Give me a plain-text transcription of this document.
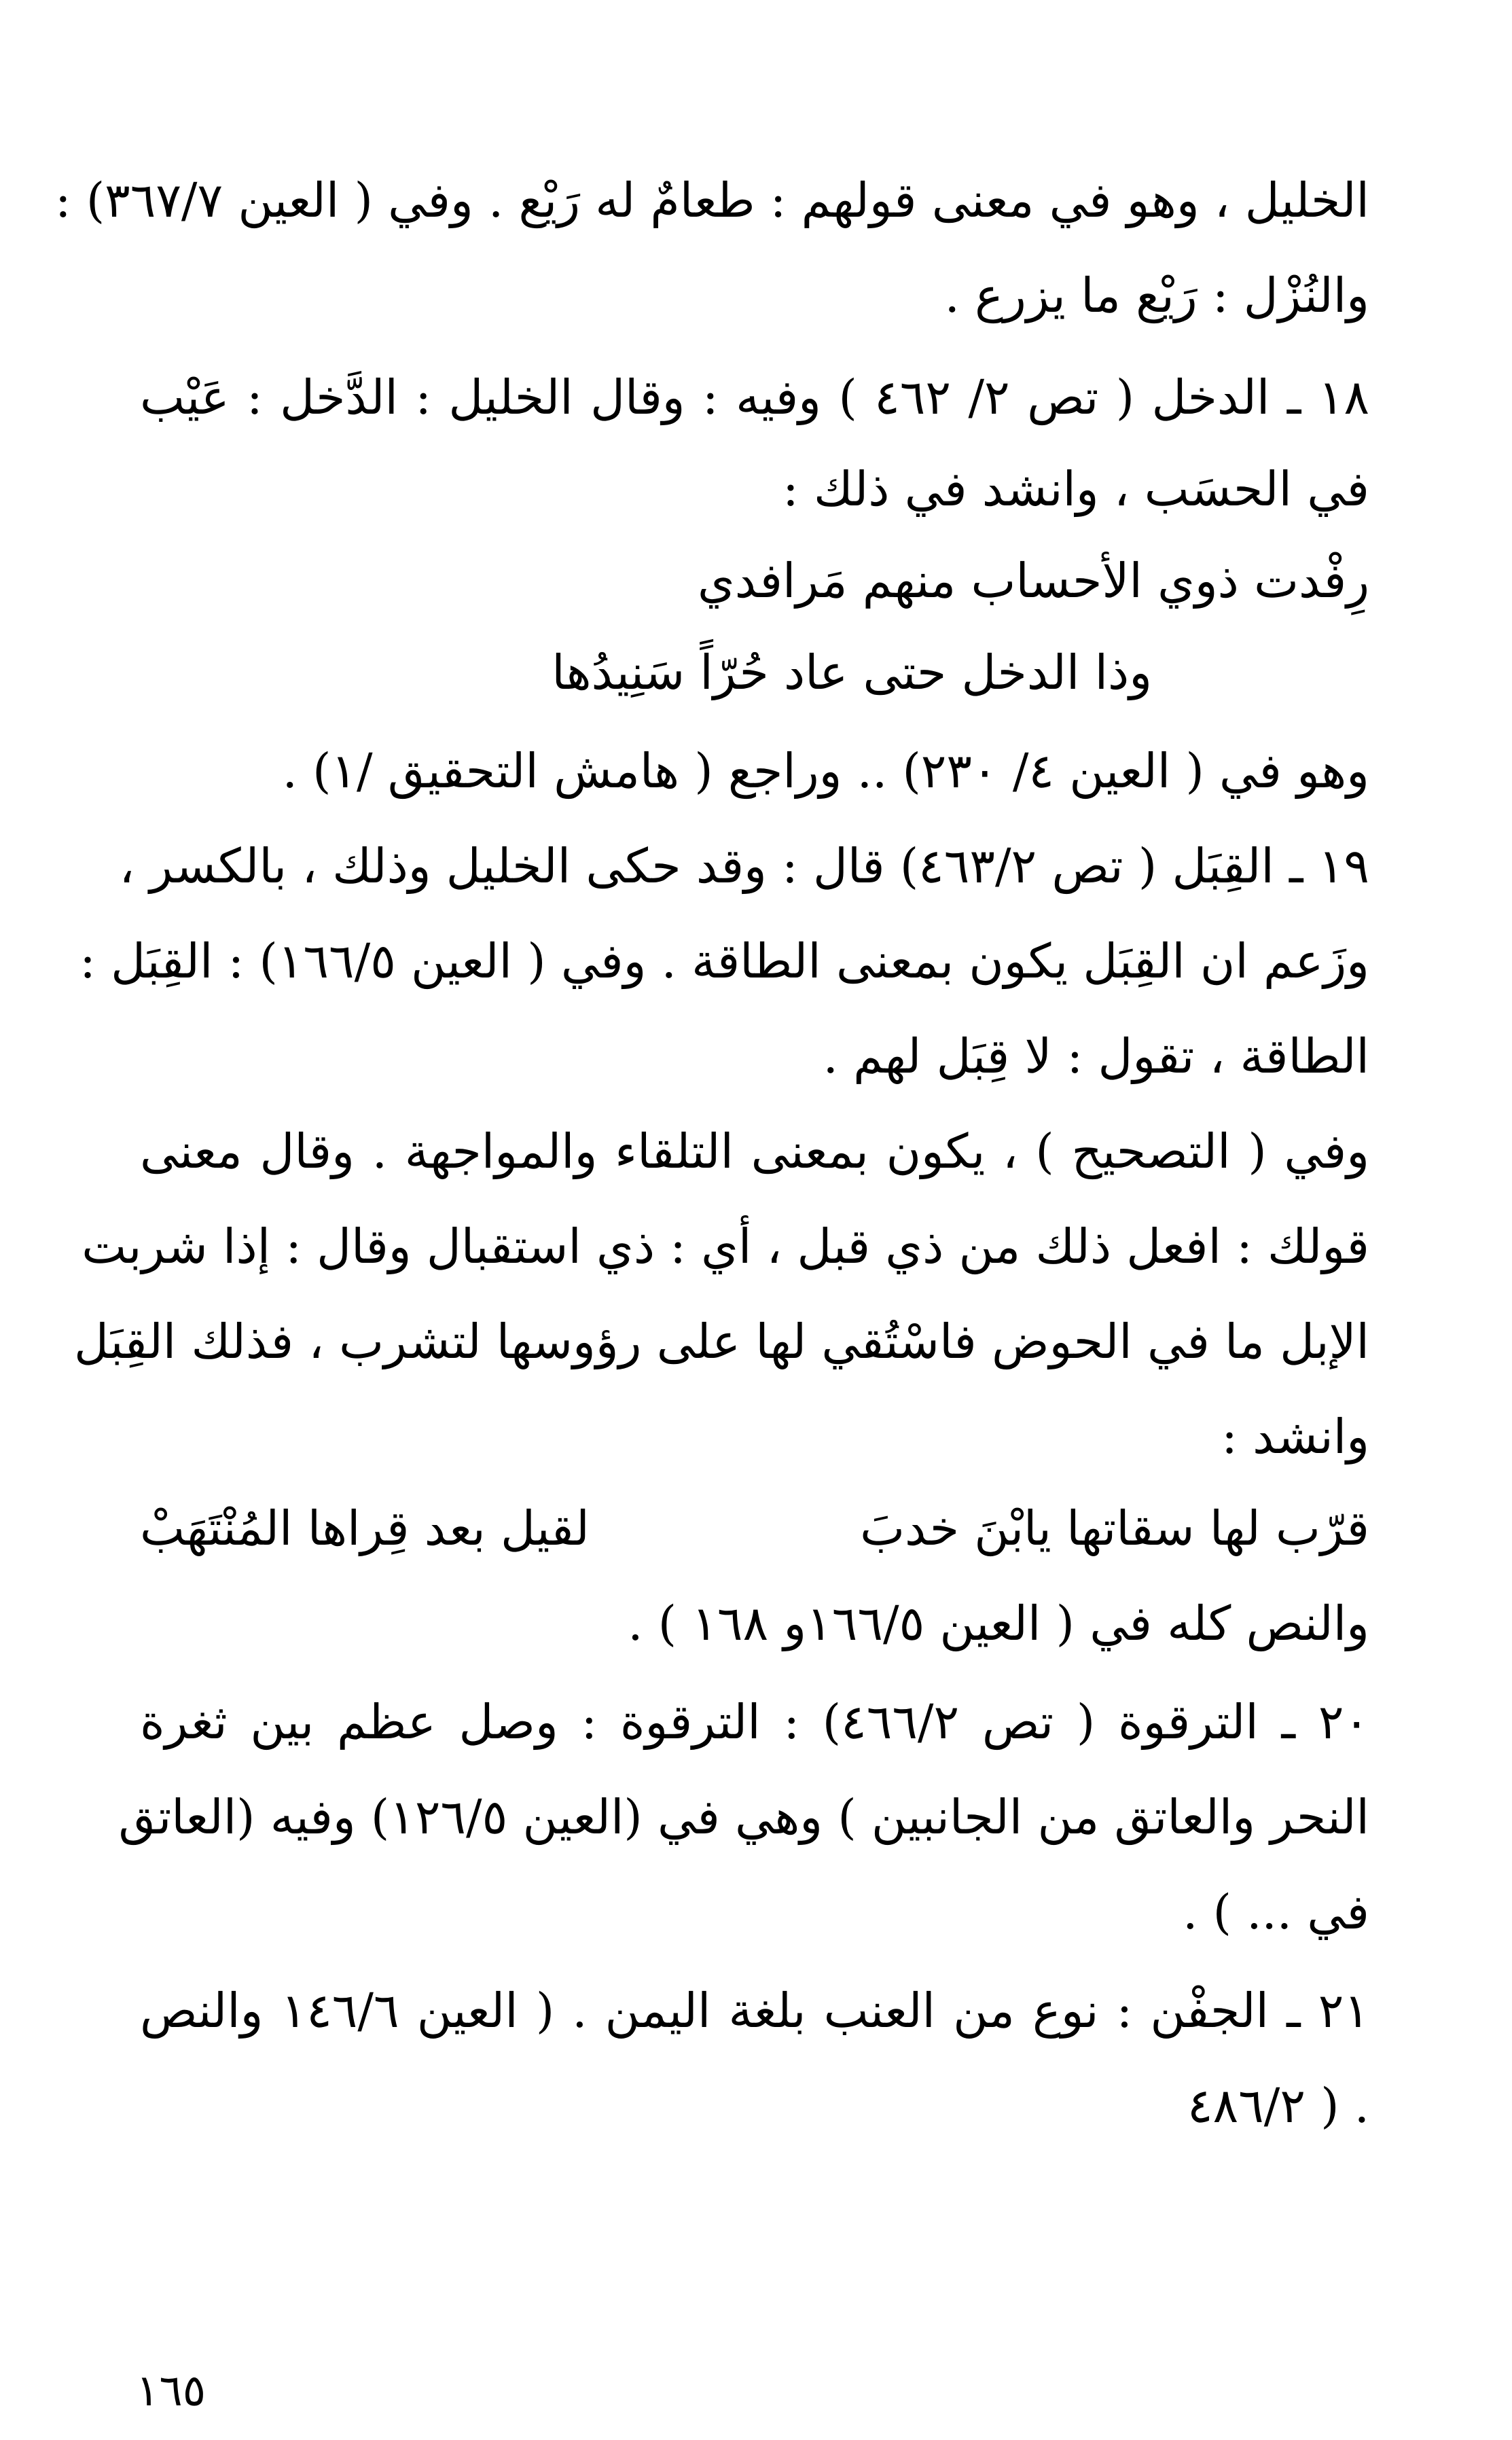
الخليل ، وهو في معنى قولهم : طعامٌ له رَيْع . وفي ( العين ٣٦٧/٧) :
والنُزْل : رَيْع ما يزرع .
١٨ ـ الدخل ( تص ٢/ ٤٦٢ ) وفيه : وقال الخليل : الدَّخل : عَيْب
في الحسَب ، وانشد في ذلك :
رِفْدت ذوي الأحساب منهم مَرافدي
وذا الدخل حتى عاد حُرّاً سَنِيدُها
وهو في ( العين ٤/ ٢٣٠) .. وراجع ( هامش التحقيق /١) .
١٩ ـ القِبَل ( تص ٤٦٣/٢) قال : وقد حكى الخليل وذلك ، بالكسر ،
وزَعم ان القِبَل يكون بمعنى الطاقة . وفي ( العين ١٦٦/٥) : القِبَل :
الطاقة ، تقول : لا قِبَل لهم .
وفي ( التصحيح ) ، يكون بمعنى التلقاء والمواجهة . وقال معنى
قولك : افعل ذلك من ذي قبل ، أي : ذي استقبال وقال : إذا شربت
الإبل ما في الحوض فاسْتُقي لها على رؤوسها لتشرب ، فذلك القِبَل
وانشد :
قرّب لها سقاتها يابْنَ خدبَ
لقيل بعد قِراها المُنْتَهَبْ
والنص كله في ( العين ١٦٦/٥و ١٦٨ ) .
٢٠ ـ الترقوة ( تص ٤٦٦/٢) : الترقوة : وصل عظم بين ثغرة
النحر والعاتق من الجانبين ) وهي في (العين ١٢٦/٥) وفيه (العاتق
في ... ) .
٢١ ـ الجفْن : نوع من العنب بلغة اليمن . ( العين ١٤٦/٦ والنص
٤٨٦/٢ ) .
١٦٥
